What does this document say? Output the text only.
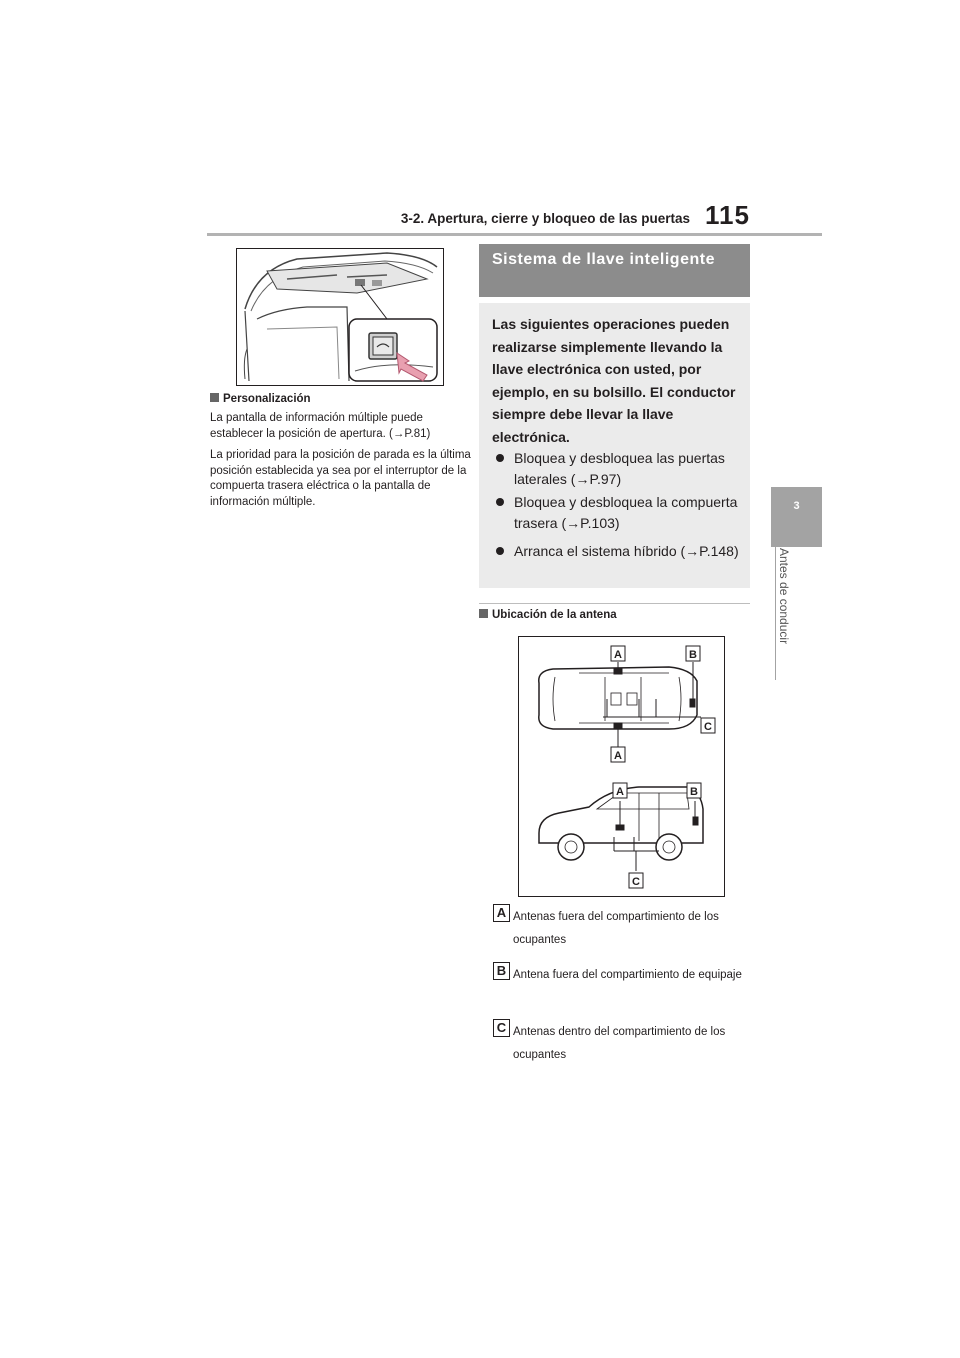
3-2. Apertura, cierre y bloqueo de las puertas 115
3
Antes de conducir
Personalización
La pantalla de información múltiple puede establecer la posición de apertura. (→P.81)
La prioridad para la posición de parada es la última posición establecida ya sea por el interruptor de la compuerta trasera eléctrica o la pantalla de información múltiple.
Sistema de llave inteligente
Las siguientes operaciones pueden realizarse simplemente llevando la llave electrónica con usted, por ejemplo, en su bolsillo. El conductor siempre debe llevar la llave electrónica.
Bloquea y desbloquea las puertas laterales (→P.97)
Bloquea y desbloquea la compuerta trasera (→P.103)
Arranca el sistema híbrido (→P.148)
Ubicación de la antena
A	B
C
A
A	B
C
A Antenas fuera del compartimiento de los ocupantes
B Antena fuera del compartimiento de equipaje
C Antenas dentro del compartimiento de los ocupantes
